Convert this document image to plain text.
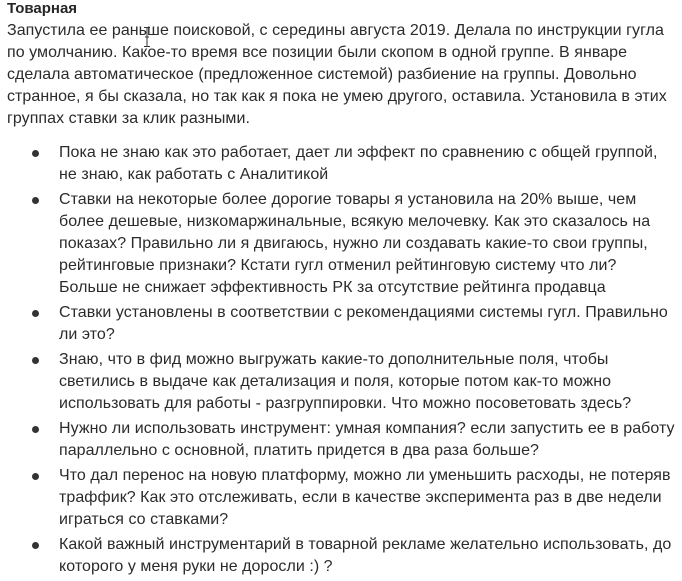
Товарная

Запустила ее раньше поисковой, с середины августа 2019. Делала по инструкции гугла по умолчанию. Какое-то время все позиции были скопом в одной группе. В январе сделала автоматическое (предложенное системой) разбиение на группы. Довольно странное, я бы сказала, но так как я пока не умею другого, оставила. Установила в этих группах ставки за клик разными.

Пока не знаю как это работает, дает ли эффект по сравнению с общей группой, не знаю, как работать с Аналитикой
Ставки на некоторые более дорогие товары я установила на 20% выше, чем более дешевые, низкомаржинальные, всякую мелочевку. Как это сказалось на показах? Правильно ли я двигаюсь, нужно ли создавать какие-то свои группы, рейтинговые признаки? Кстати гугл отменил рейтинговую систему что ли? Больше не снижает эффективность РК за отсутствие рейтинга продавца
Ставки установлены в соответствии с рекомендациями системы гугл. Правильно ли это?
Знаю, что в фид можно выгружать какие-то дополнительные поля, чтобы светились в выдаче как детализация и поля, которые потом как-то можно использовать для работы - разгруппировки. Что можно посоветовать здесь?
Нужно ли использовать инструмент: умная компания? если запустить ее в работу параллельно с основной, платить придется в два раза больше?
Что дал перенос на новую платформу, можно ли уменьшить расходы, не потеряв траффик? Как это отслеживать, если в качестве эксперимента раз в две недели играться со ставками?
Какой важный инструментарий в товарной рекламе желательно использовать, до которого у меня руки не доросли :) ?
